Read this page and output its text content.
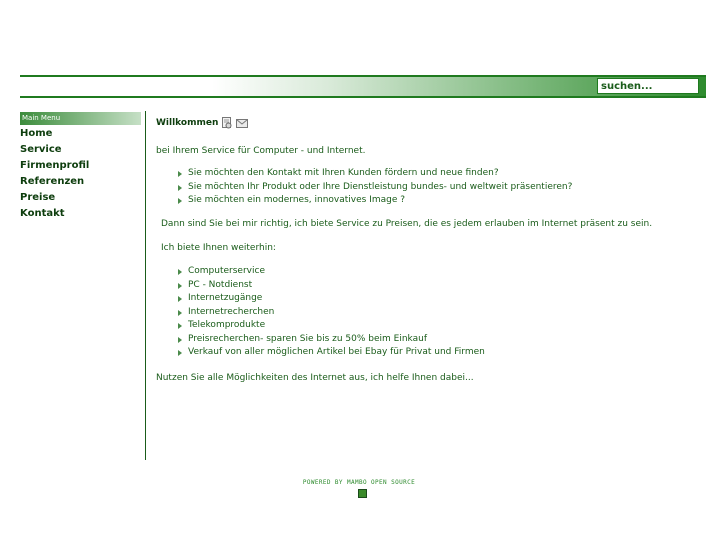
suchen...
Main Menu
Home
Service
Firmenprofil
Referenzen
Preise
Kontakt
Willkommen
bei Ihrem Service für Computer - und Internet.
Sie möchten den Kontakt mit Ihren Kunden fördern und neue finden?
Sie möchten Ihr Produkt oder Ihre Dienstleistung bundes- und weltweit präsentieren?
Sie möchten ein modernes, innovatives Image ?
Dann sind Sie bei mir richtig, ich biete Service zu Preisen, die es jedem erlauben im Internet präsent zu sein.
Ich biete Ihnen weiterhin:
Computerservice
PC - Notdienst
Internetzugänge
Internetrecherchen
Telekomprodukte
Preisrecherchen- sparen Sie bis zu 50% beim Einkauf
Verkauf von aller möglichen Artikel bei Ebay für Privat und Firmen
Nutzen Sie alle Möglichkeiten des Internet aus, ich helfe Ihnen dabei...
POWERED BY MAMBO OPEN SOURCE
